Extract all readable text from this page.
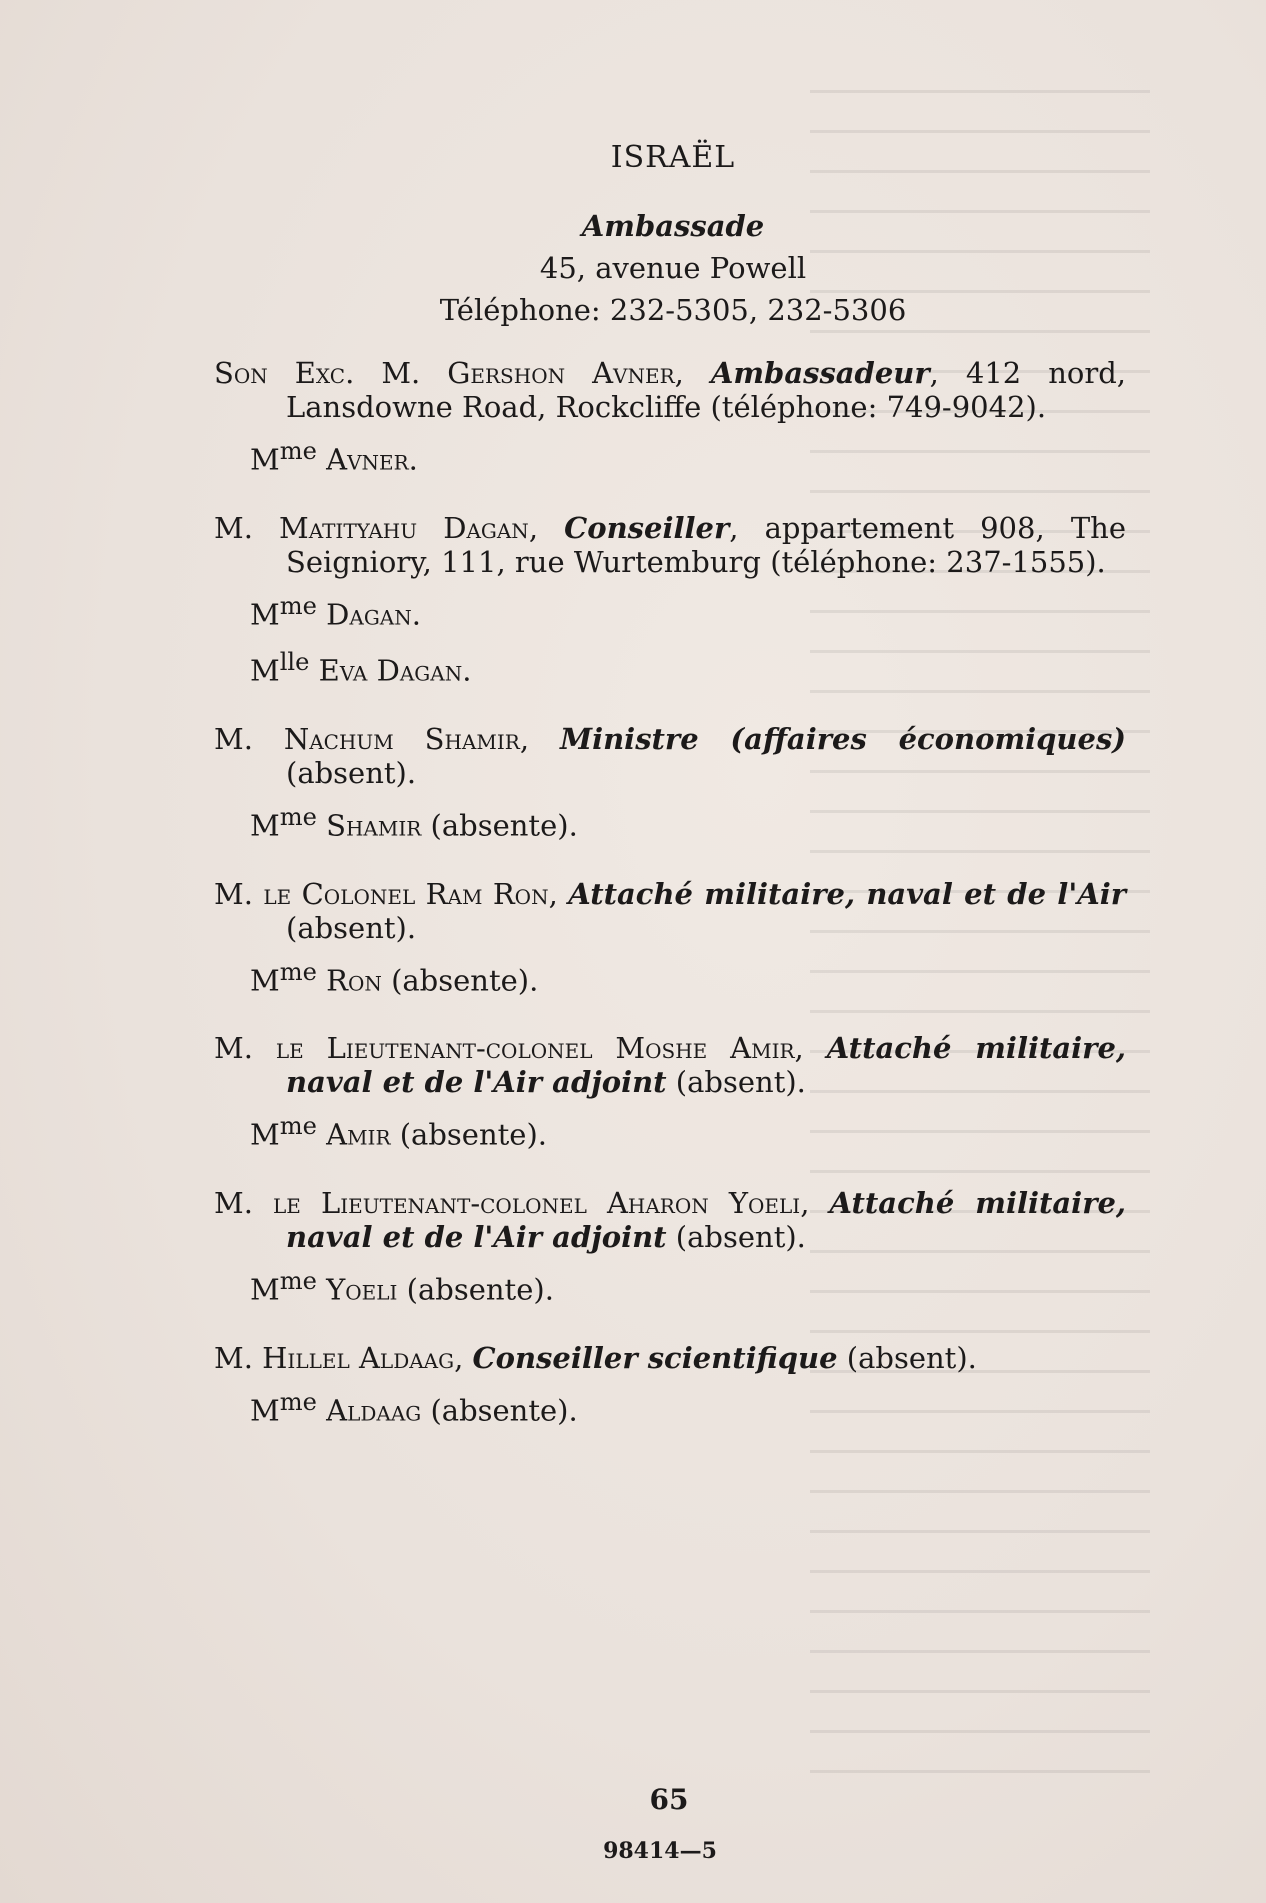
ISRAËL
Ambassade
45, avenue Powell
Téléphone: 232-5305, 232-5306

Son Exc. M. Gershon Avner, Ambassadeur, 412 nord, Lansdowne Road, Rockcliffe (téléphone: 749-9042).

$M^{me}$ Avner.

M. Matityahu Dagan, Conseiller, appartement 908, The Seigniory, 111, rue Wurtemburg (téléphone: 237-1555).

$M^{me}$ Dagan.
$M^{lle}$ Eva Dagan.

M. Nachum Shamir, Ministre (affaires économiques) (absent).

$M^{me}$ Shamir (absente).

M. le Colonel Ram Ron, Attaché militaire, naval et de l'Air (absent).

$M^{me}$ Ron (absente).

M. le Lieutenant-colonel Moshe Amir, Attaché militaire, naval et de l'Air adjoint (absent).

$M^{me}$ Amir (absente).

M. le Lieutenant-colonel Aharon Yoeli, Attaché militaire, naval et de l'Air adjoint (absent).

$M^{me}$ Yoeli (absente).

M. Hillel Aldaag, Conseiller scientifique (absent).

$M^{me}$ Aldaag (absente).
65
98414—5
